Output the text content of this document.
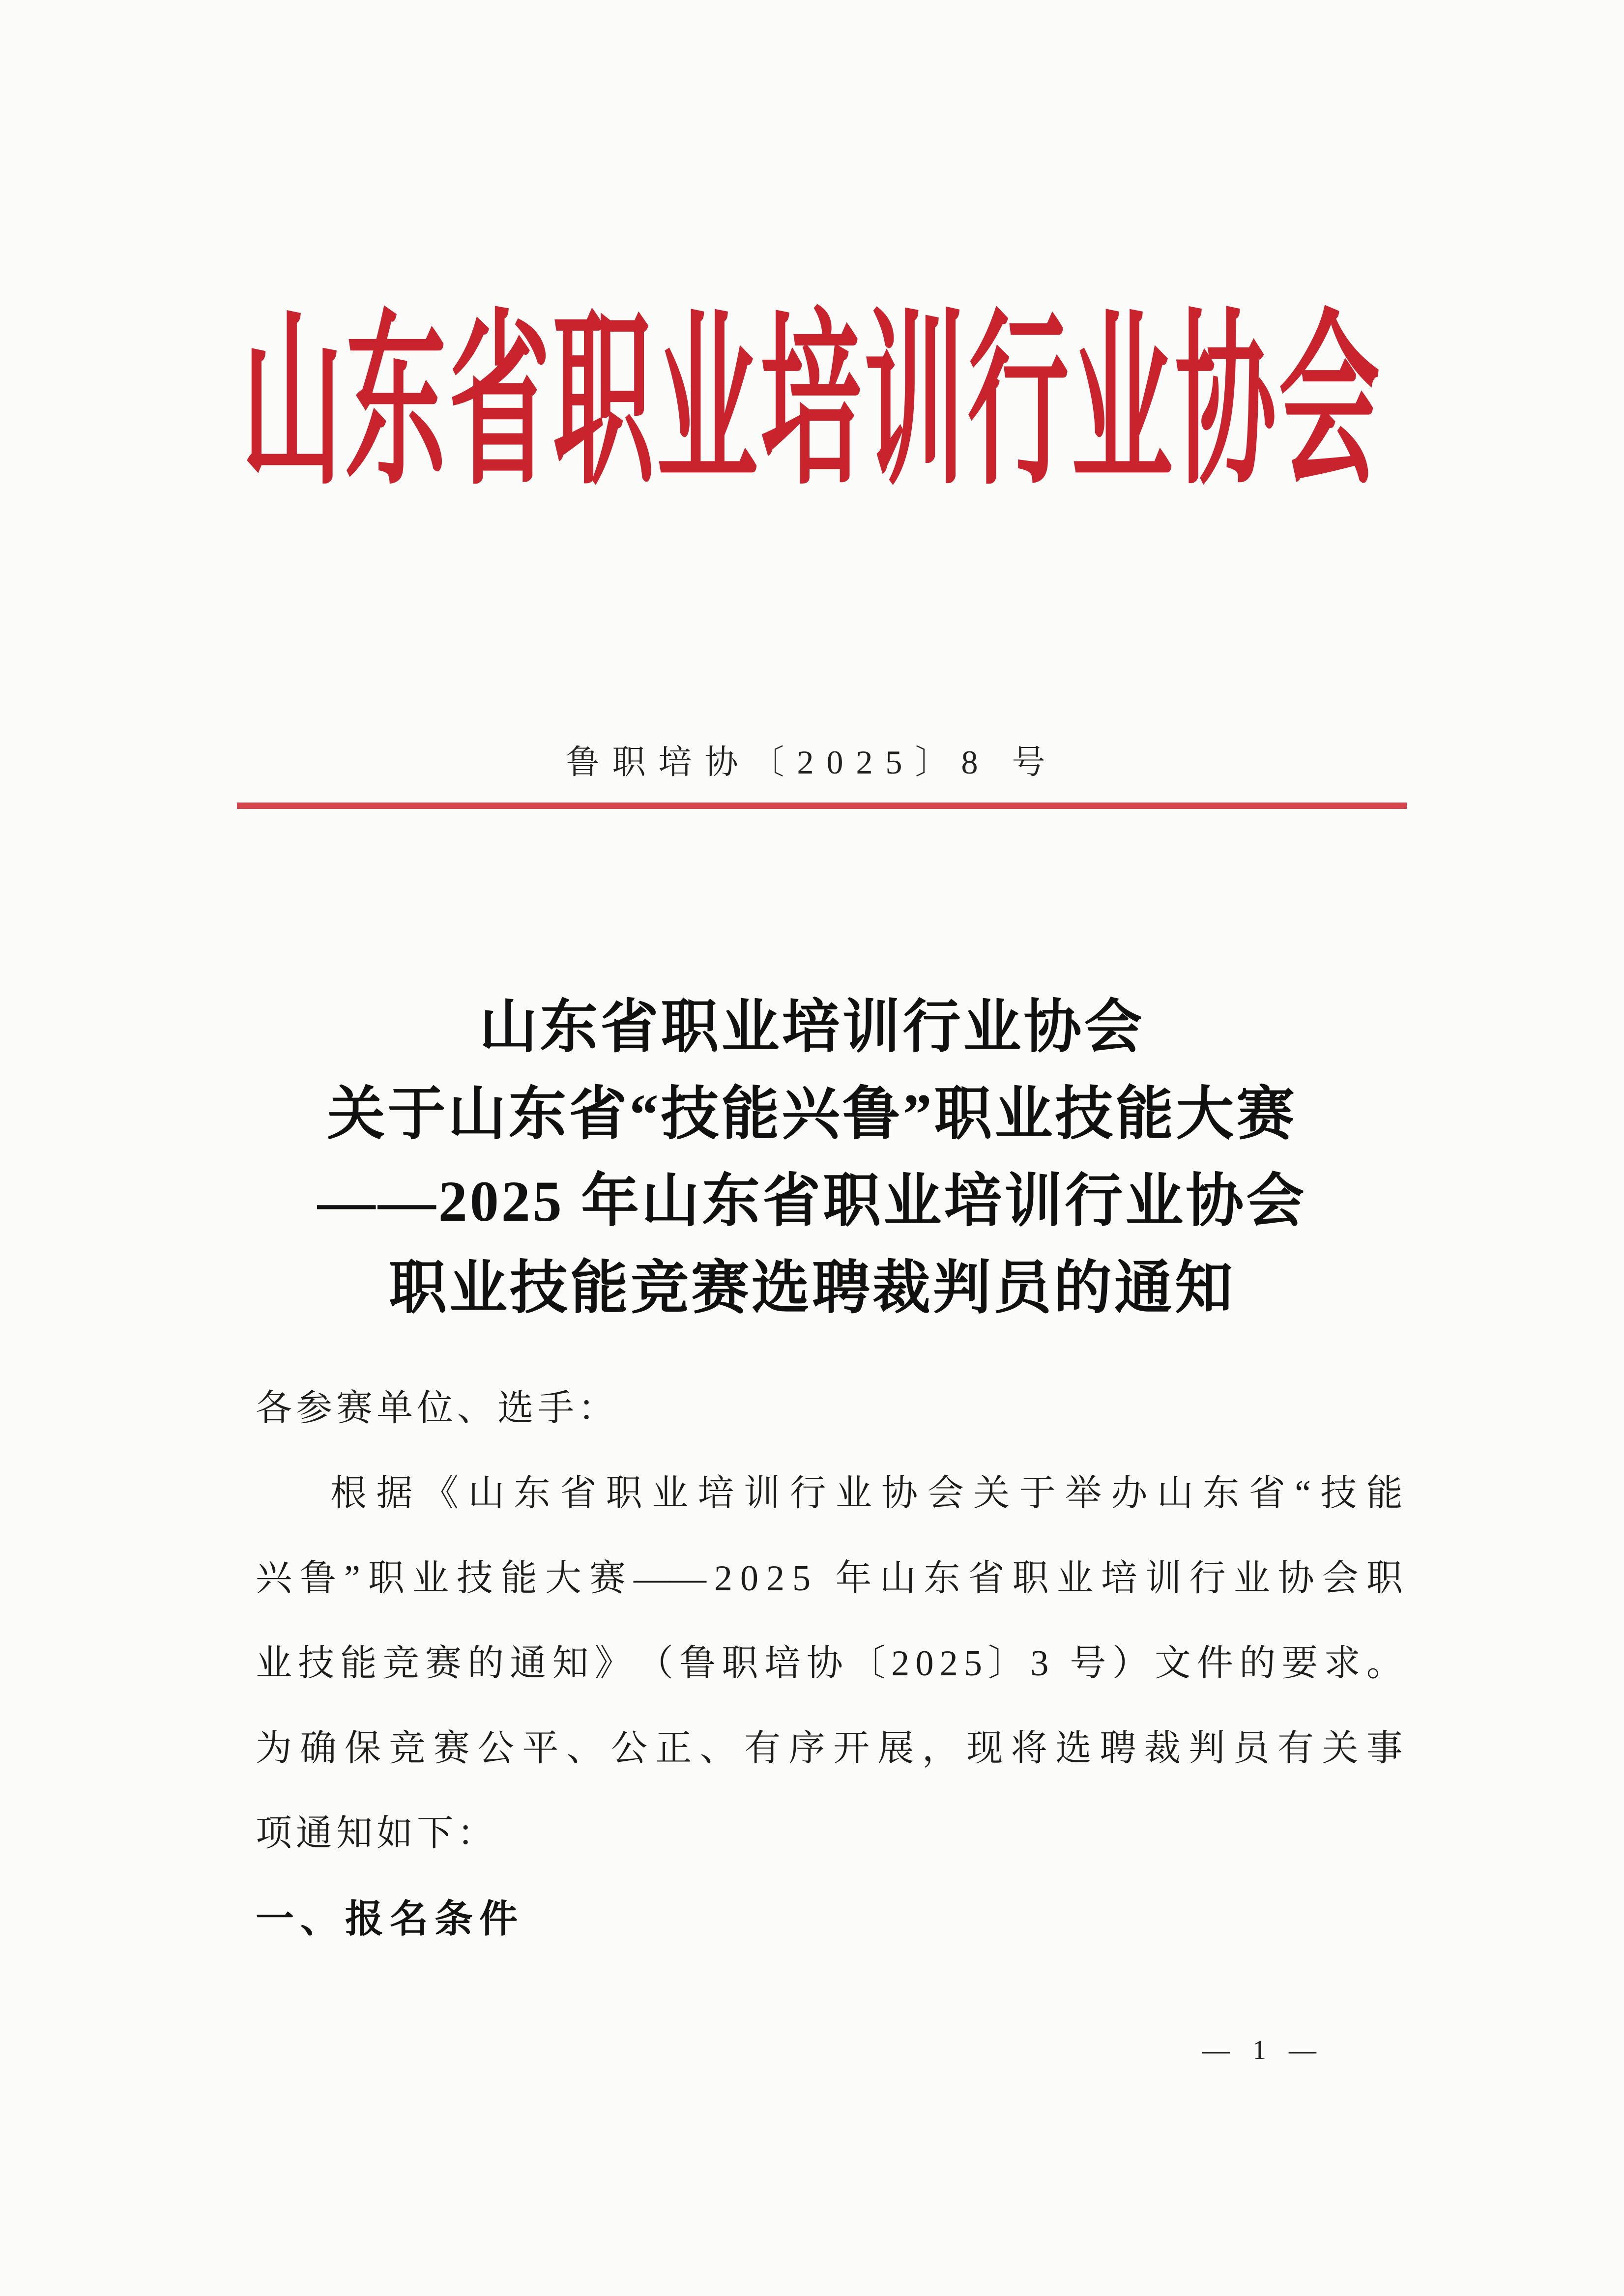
山东省职业培训行业协会
鲁职培协〔2025〕8 号
山东省职业培训行业协会
关于山东省“技能兴鲁”职业技能大赛
——2025 年山东省职业培训行业协会
职业技能竞赛选聘裁判员的通知
各参赛单位、选手：
根 据 《 山 东 省 职 业 培 训 行 业 协 会 关 于 举 办 山 东 省 “ 技 能
兴 鲁 ” 职 业 技 能 大 赛 —— 2 0 2 5
年 山 东 省 职 业 培 训 行 业 协 会 职
业 技 能 竞 赛 的 通 知 》 （ 鲁 职 培 协 〔 2 0 2 5 〕 3
号 ） 文 件 的 要 求 。
为 确 保 竞 赛 公 平 、 公 正 、 有 序 开 展 ， 现 将 选 聘 裁 判 员 有 关 事
项通知如下：
一、报名条件
— 1 —
